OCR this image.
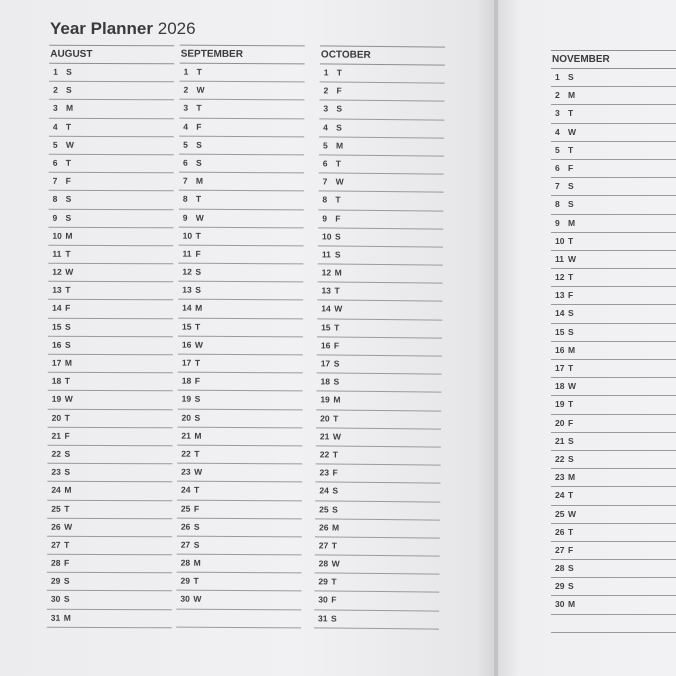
Year Planner 2026
AUGUST
1 S
2 S
3 M
4 T
5 W
6 T
7 F
8 S
9 S
10 M
11 T
12 W
13 T
14 F
15 S
16 S
17 M
18 T
19 W
20 T
21 F
22 S
23 S
24 M
25 T
26 W
27 T
28 F
29 S
30 S
31 M
SEPTEMBER
1 T
2 W
3 T
4 F
5 S
6 S
7 M
8 T
9 W
10 T
11 F
12 S
13 S
14 M
15 T
16 W
17 T
18 F
19 S
20 S
21 M
22 T
23 W
24 T
25 F
26 S
27 S
28 M
29 T
30 W
OCTOBER
1 T
2 F
3 S
4 S
5 M
6 T
7 W
8 T
9 F
10 S
11 S
12 M
13 T
14 W
15 T
16 F
17 S
18 S
19 M
20 T
21 W
22 T
23 F
24 S
25 S
26 M
27 T
28 W
29 T
30 F
31 S
NOVEMBER
1 S
2 M
3 T
4 W
5 T
6 F
7 S
8 S
9 M
10 T
11 W
12 T
13 F
14 S
15 S
16 M
17 T
18 W
19 T
20 F
21 S
22 S
23 M
24 T
25 W
26 T
27 F
28 S
29 S
30 M
